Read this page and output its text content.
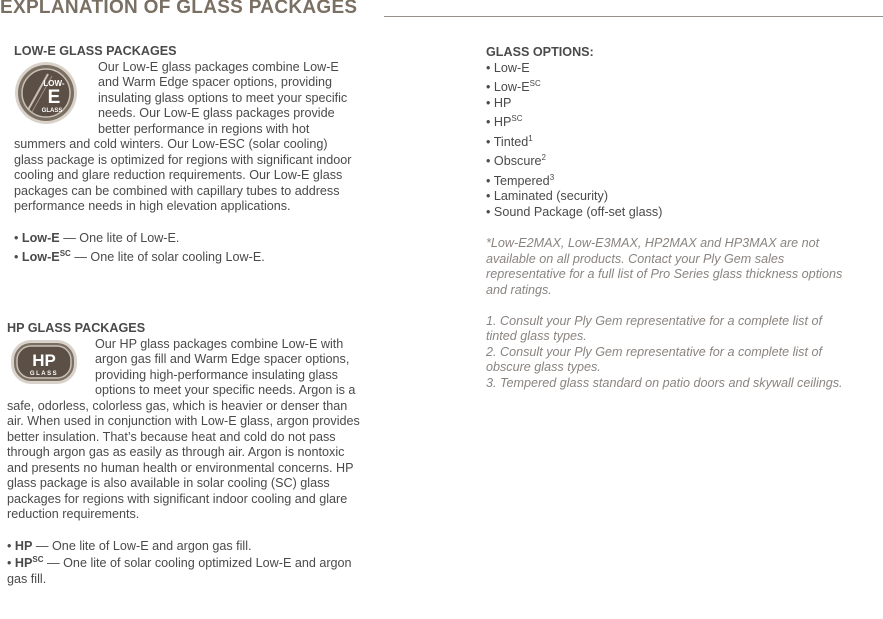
EXPLANATION OF GLASS PACKAGES
LOW-E GLASS PACKAGES
LOW-
E
GLASS

Our Low-E glass packages combine Low-E and Warm Edge spacer options, providing insulating glass options to meet your specific needs. Our Low-E glass packages provide better performance in regions with hot summers and cold winters. Our Low-ESC (solar cooling) glass package is optimized for regions with significant indoor cooling and glare reduction requirements. Our Low-E glass packages can be combined with capillary tubes to address performance needs in high elevation applications.

• Low-E — One lite of Low-E.
• Low-$E^{SC}$ — One lite of solar cooling Low-E.
HP GLASS PACKAGES
HP
GLASS

Our HP glass packages combine Low-E with argon gas fill and Warm Edge spacer options, providing high-performance insulating glass options to meet your specific needs. Argon is a safe, odorless, colorless gas, which is heavier or denser than air. When used in conjunction with Low-E glass, argon provides better insulation. That’s because heat and cold do not pass through argon gas as easily as through air. Argon is nontoxic and presents no human health or environmental concerns. HP glass package is also available in solar cooling (SC) glass packages for regions with significant indoor cooling and glare reduction requirements.

• HP — One lite of Low-E and argon gas fill.
• $HP^{SC}$ — One lite of solar cooling optimized Low-E and argon gas fill.
GLASS OPTIONS:
• Low-E
• Low-$E^{SC}$
• HP
• $HP^{SC}$
• Tinted$^1$
• Obscure$^2$
• Tempered$^3$
• Laminated (security)
• Sound Package (off-set glass)

*Low-E2MAX, Low-E3MAX, HP2MAX and HP3MAX are not available on all products. Contact your Ply Gem sales representative for a full list of Pro Series glass thickness options and ratings.

1. Consult your Ply Gem representative for a complete list of tinted glass types.

2. Consult your Ply Gem representative for a complete list of obscure glass types.

3. Tempered glass standard on patio doors and skywall ceilings.
